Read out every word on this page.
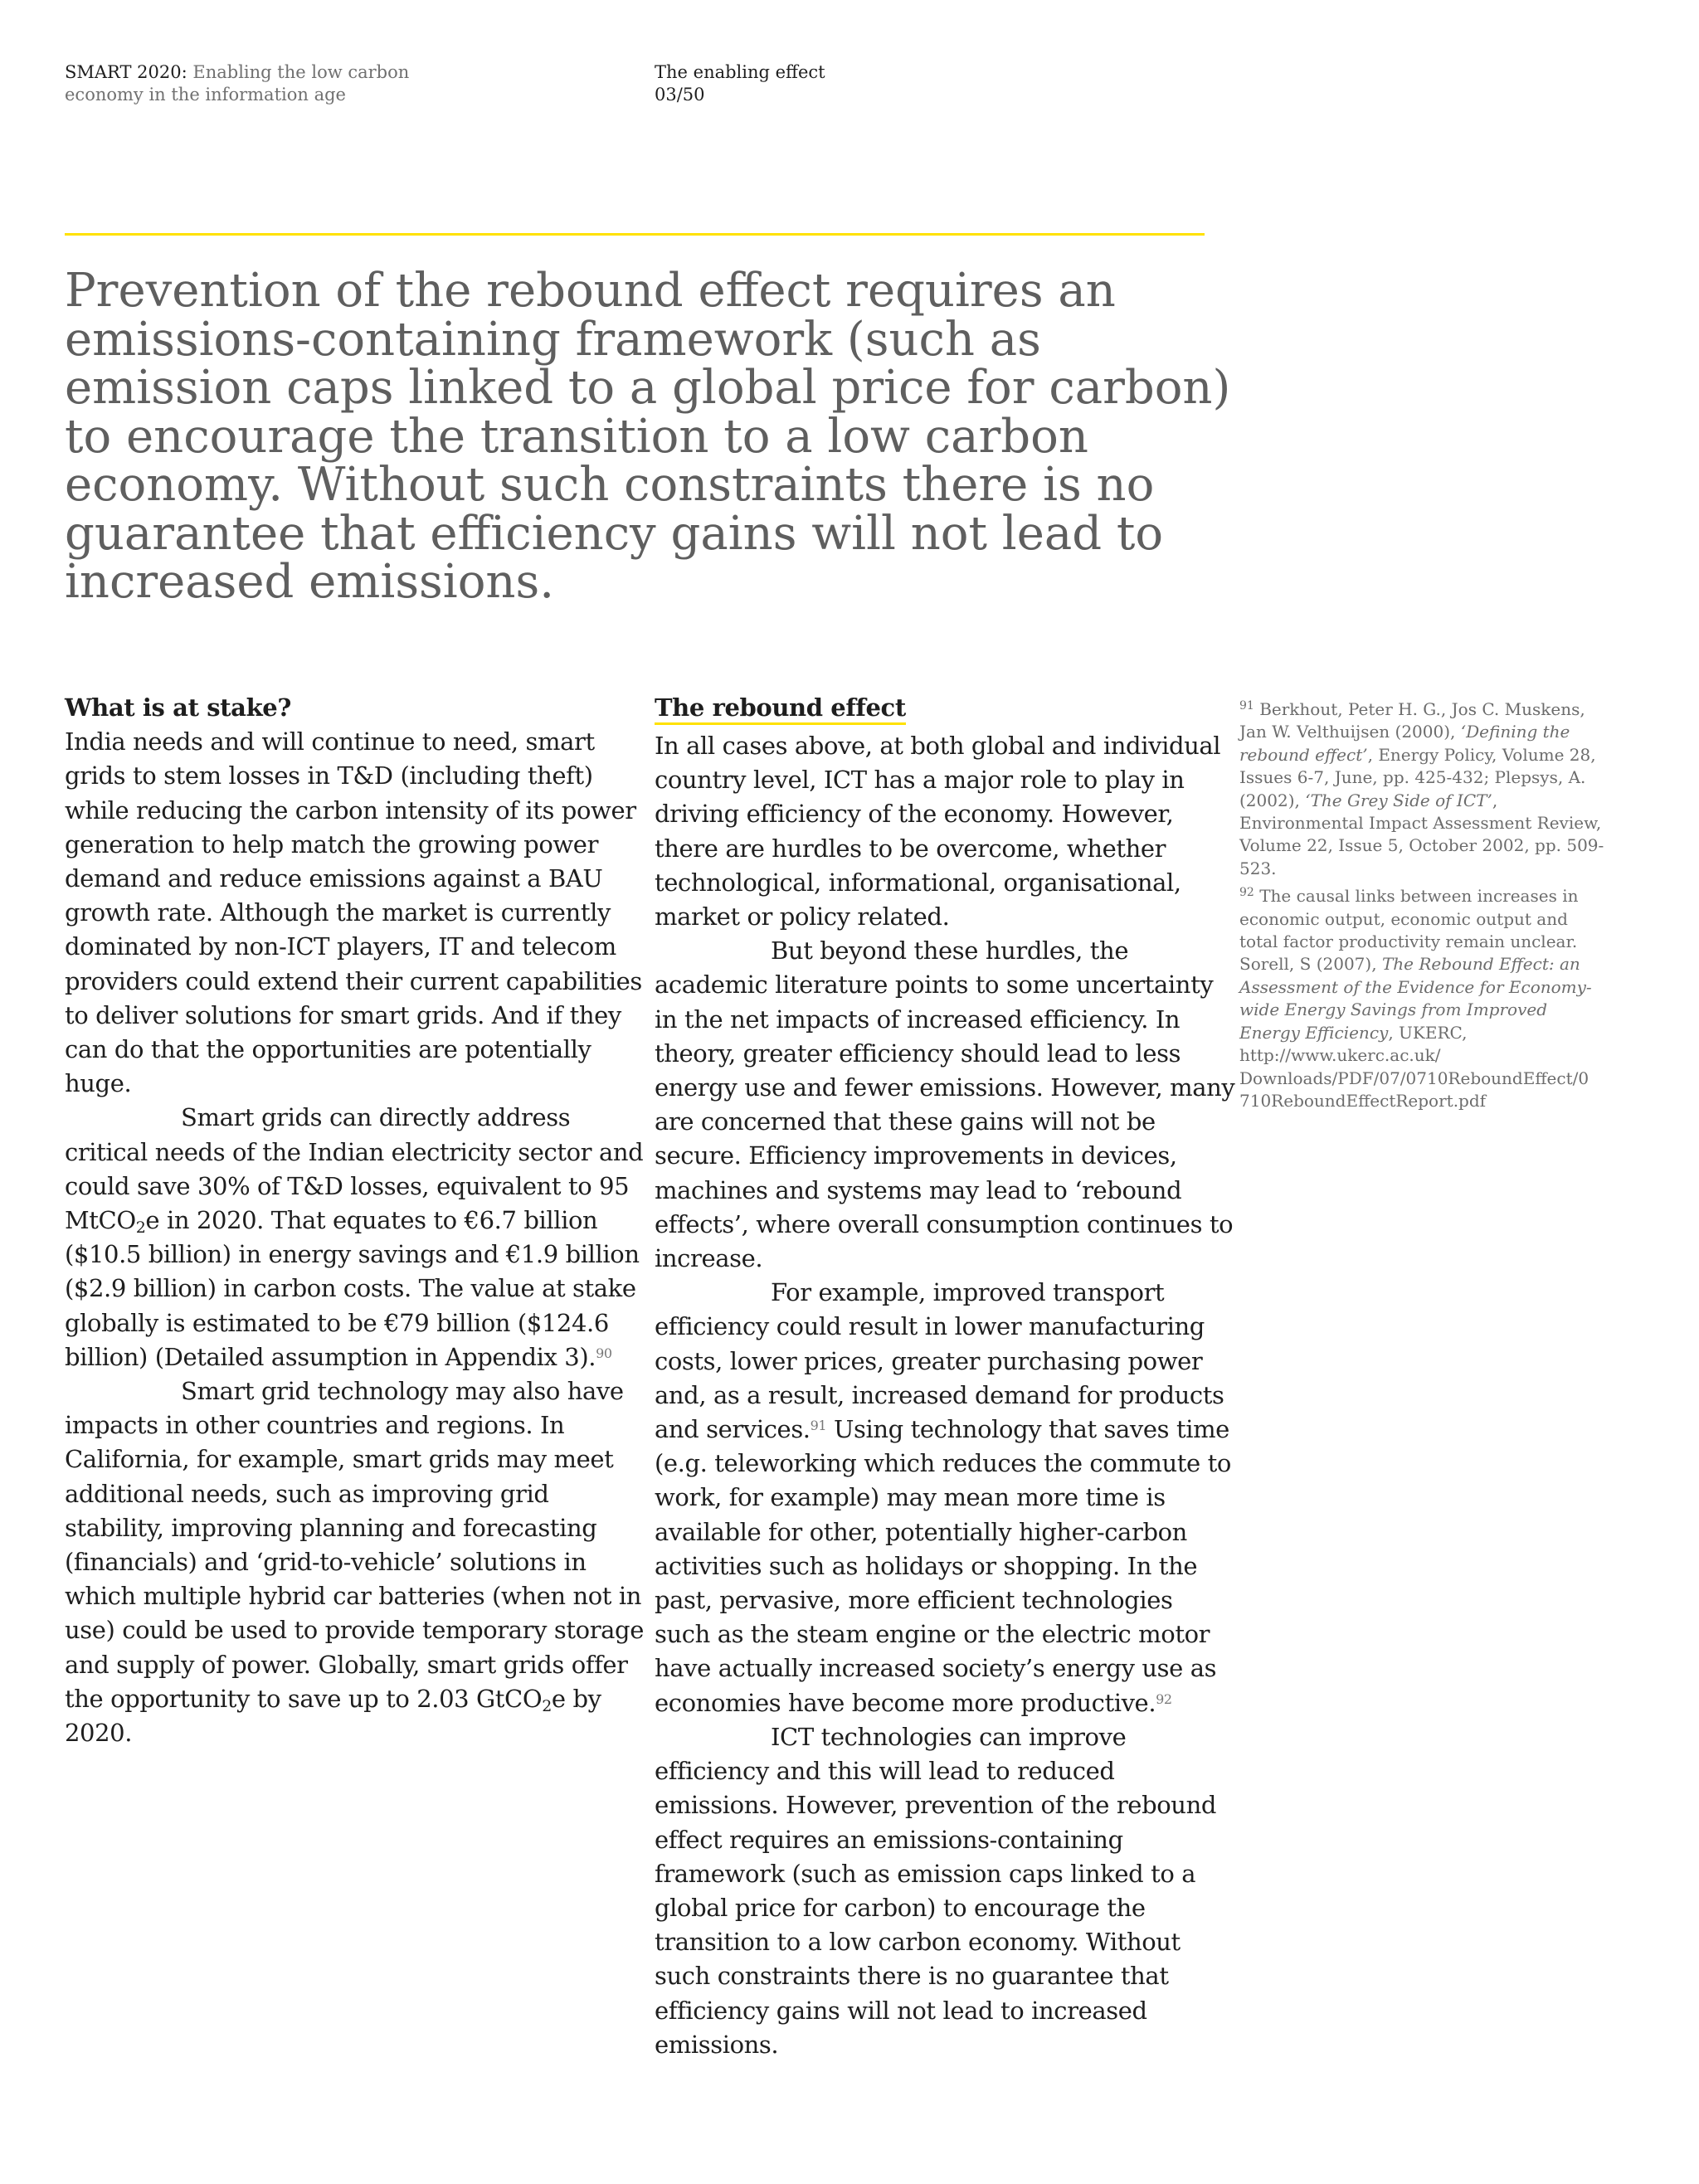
SMART 2020: Enabling the low carbon
economy in the information age
The enabling effect
03/50
Prevention of the rebound effect requires an emissions-containing framework (such as emission caps linked to a global price for carbon) to encourage the transition to a low carbon economy. Without such constraints there is no guarantee that efficiency gains will not lead to increased emissions.
What is at stake?

India needs and will continue to need, smart grids to stem losses in T&D (including theft) while reducing the carbon intensity of its power generation to help match the growing power demand and reduce emissions against a BAU growth rate. Although the market is currently dominated by non-ICT players, IT and telecom providers could extend their current capabilities to deliver solutions for smart grids. And if they can do that the opportunities are potentially huge.

Smart grids can directly address critical needs of the Indian electricity sector and could save 30% of T&D losses, equivalent to 95 MtCO$_2$e in 2020. That equates to €6.7 billion ($10.5 billion) in energy savings and €1.9 billion ($2.9 billion) in carbon costs. The value at stake globally is estimated to be €79 billion ($124.6 billion) (Detailed assumption in Appendix 3).$^{90}$

Smart grid technology may also have impacts in other countries and regions. In California, for example, smart grids may meet additional needs, such as improving grid stability, improving planning and forecasting (financials) and ‘grid-to-vehicle’ solutions in which multiple hybrid car batteries (when not in use) could be used to provide temporary storage and supply of power. Globally, smart grids offer the opportunity to save up to 2.03 GtCO$_2$e by 2020.

The rebound effect

In all cases above, at both global and individual country level, ICT has a major role to play in driving efficiency of the economy. However, there are hurdles to be overcome, whether technological, informational, organisational, market or policy related.

But beyond these hurdles, the academic literature points to some uncertainty in the net impacts of increased efficiency. In theory, greater efficiency should lead to less energy use and fewer emissions. However, many are concerned that these gains will not be secure. Efficiency improvements in devices, machines and systems may lead to ‘rebound effects’, where overall consumption continues to increase.

For example, improved transport efficiency could result in lower manufacturing costs, lower prices, greater purchasing power and, as a result, increased demand for products and services.$^{91}$ Using technology that saves time (e.g. teleworking which reduces the commute to work, for example) may mean more time is available for other, potentially higher-carbon activities such as holidays or shopping. In the past, pervasive, more efficient technologies such as the steam engine or the electric motor have actually increased society’s energy use as economies have become more productive.$^{92}$

ICT technologies can improve efficiency and this will lead to reduced emissions. However, prevention of the rebound effect requires an emissions-containing framework (such as emission caps linked to a global price for carbon) to encourage the transition to a low carbon economy. Without such constraints there is no guarantee that efficiency gains will not lead to increased emissions.

$^{91}$ Berkhout, Peter H. G., Jos C. Muskens, Jan W. Velthuijsen (2000), ‘Defining the rebound effect’, Energy Policy, Volume 28, Issues 6-7, June, pp. 425-432; Plepsys, A. (2002), ‘The Grey Side of ICT’, Environmental Impact Assessment Review, Volume 22, Issue 5, October 2002, pp. 509-523.

$^{92}$ The causal links between increases in economic output, economic output and total factor productivity remain unclear. Sorell, S (2007), The Rebound Effect: an Assessment of the Evidence for Economy-wide Energy Savings from Improved Energy Efficiency, UKERC, http://www.ukerc.ac.uk/ Downloads/PDF/07/0710ReboundEffect/0 710ReboundEffectReport.pdf
